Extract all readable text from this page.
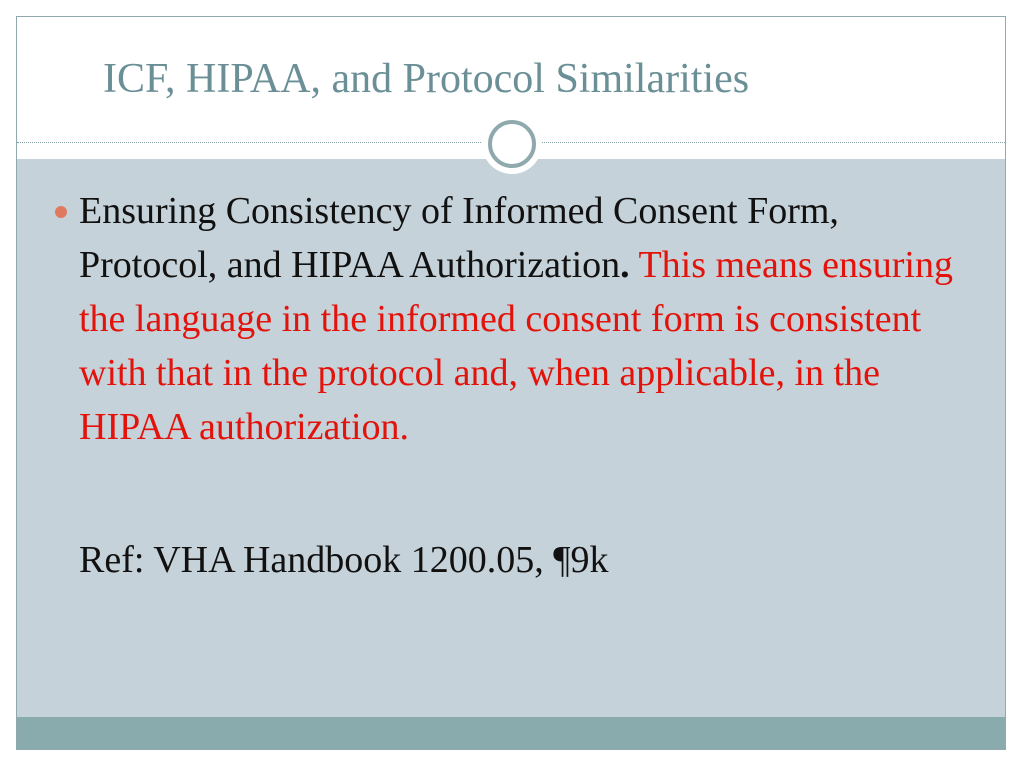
ICF, HIPAA, and Protocol Similarities
Ensuring Consistency of Informed Consent Form, Protocol, and HIPAA Authorization. This means ensuring the language in the informed consent form is consistent with that in the protocol and, when applicable, in the HIPAA authorization.
Ref: VHA Handbook 1200.05, ¶9k
